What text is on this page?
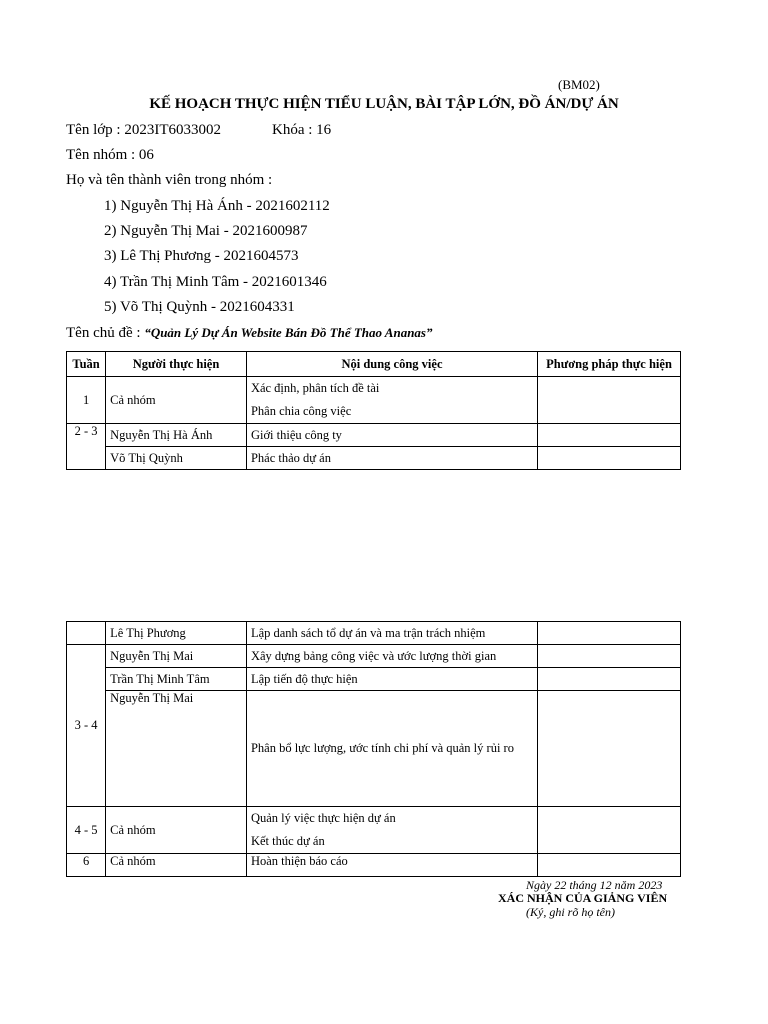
(BM02)
KẾ HOẠCH THỰC HIỆN TIỂU LUẬN, BÀI TẬP LỚN, ĐỒ ÁN/DỰ ÁN
Tên lớp : 2023IT6033002	Khóa : 16
Tên nhóm : 06
Họ và tên thành viên trong nhóm :
1) Nguyễn Thị Hà Ánh - 2021602112
2) Nguyễn Thị Mai - 2021600987
3) Lê Thị Phương - 2021604573
4) Trần Thị Minh Tâm - 2021601346
5) Võ Thị Quỳnh - 2021604331
Tên chủ đề : “Quản Lý Dự Án Website Bán Đồ Thể Thao Ananas”
Tuần	Người thực hiện	Nội dung công việc	Phương pháp thực hiện
1	Cả nhóm	Xác định, phân tích đề tài
Phân chia công việc	

2 - 3	Nguyễn Thị Hà Ánh	Giới thiệu công ty	
	Võ Thị Quỳnh	Phác thảo dự án	
	Lê Thị Phương	Lập danh sách tổ dự án và ma trận trách nhiệm	
3 - 4	Nguyễn Thị Mai	Xây dựng bảng công việc và ước lượng thời gian	
	Trần Thị Minh Tâm	Lập tiến độ thực hiện	
	Nguyễn Thị Mai	Phân bổ lực lượng, ước tính chi phí và quản lý rủi ro	
4 - 5	Cả nhóm	Quản lý việc thực hiện dự án
Kết thúc dự án	

6	Cả nhóm	Hoàn thiện báo cáo	
Ngày 22 tháng 12 năm 2023
XÁC NHẬN CỦA GIẢNG VIÊN
(Ký, ghi rõ họ tên)
